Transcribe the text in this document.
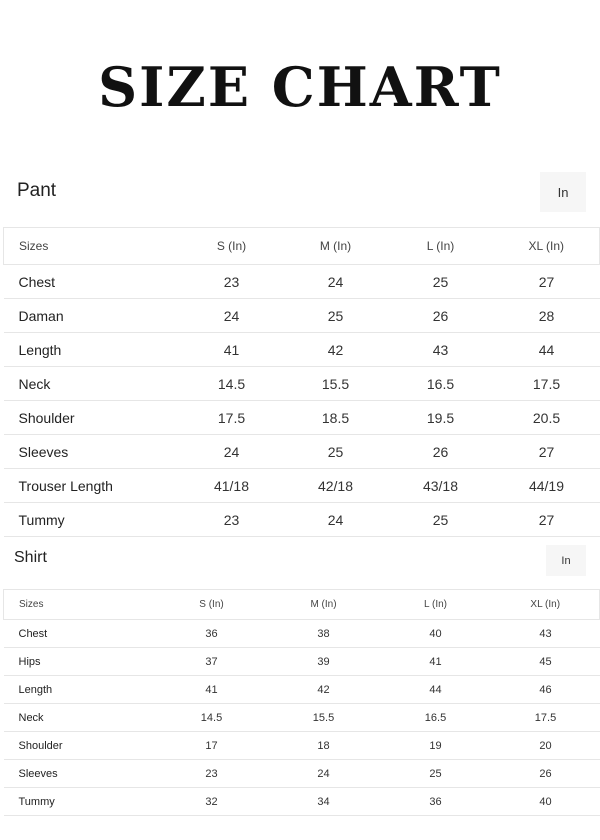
SIZE CHART
Pant	In
Sizes	S (In)	M (In)	L (In)	XL (In)
Chest	23	24	25	27
Daman	24	25	26	28
Length	41	42	43	44
Neck	14.5	15.5	16.5	17.5
Shoulder	17.5	18.5	19.5	20.5
Sleeves	24	25	26	27
Trouser Length	41/18	42/18	43/18	44/19
Tummy	23	24	25	27
Shirt	In
Sizes	S (In)	M (In)	L (In)	XL (In)
Chest	36	38	40	43
Hips	37	39	41	45
Length	41	42	44	46
Neck	14.5	15.5	16.5	17.5
Shoulder	17	18	19	20
Sleeves	23	24	25	26
Tummy	32	34	36	40
